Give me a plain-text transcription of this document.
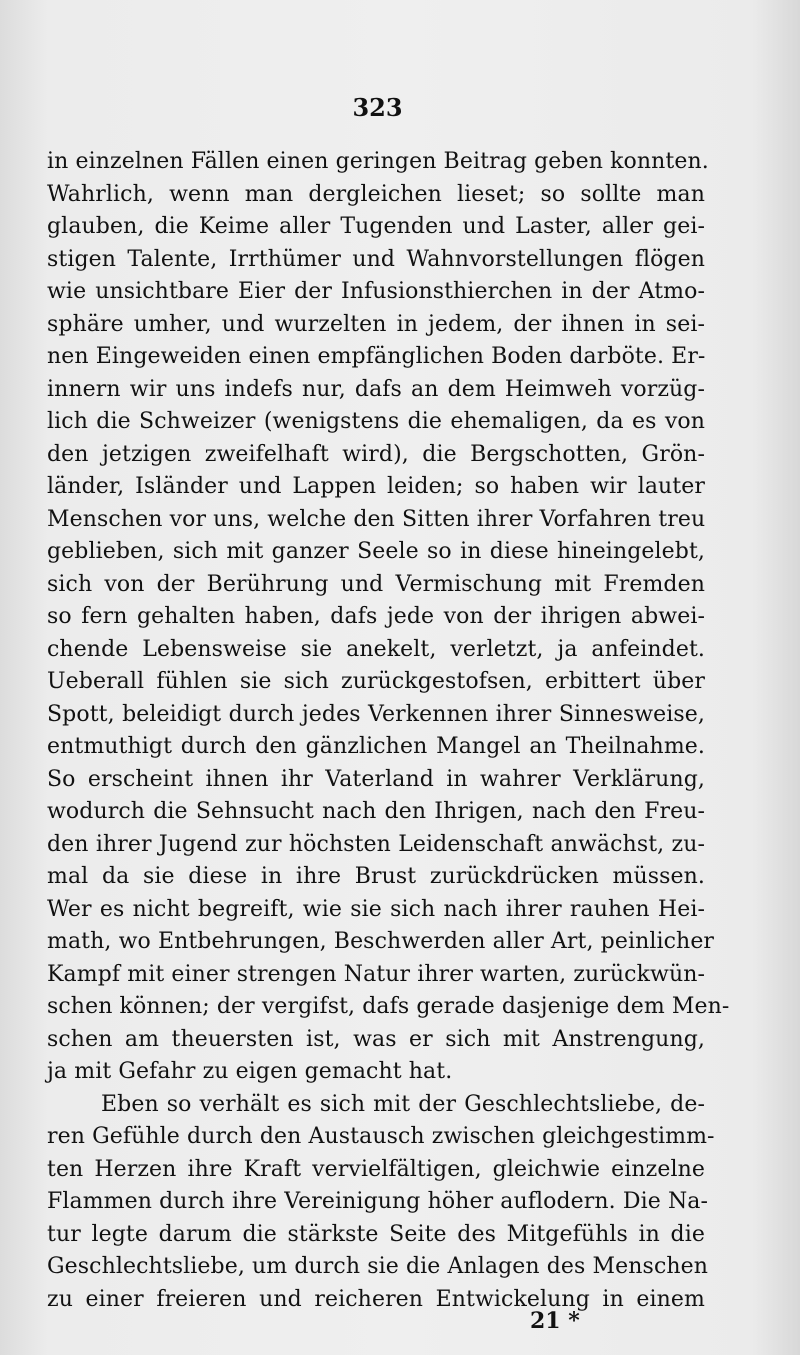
323
in einzelnen Fällen einen geringen Beitrag geben konnten.
Wahrlich, wenn man dergleichen lieset; so sollte man
glauben, die Keime aller Tugenden und Laster, aller gei-
stigen Talente, Irrthümer und Wahnvorstellungen flögen
wie unsichtbare Eier der Infusionsthierchen in der Atmo-
sphäre umher, und wurzelten in jedem, der ihnen in sei-
nen Eingeweiden einen empfänglichen Boden darböte. Er-
innern wir uns indefs nur, dafs an dem Heimweh vorzüg-
lich die Schweizer (wenigstens die ehemaligen, da es von
den jetzigen zweifelhaft wird), die Bergschotten, Grön-
länder, Isländer und Lappen leiden; so haben wir lauter
Menschen vor uns, welche den Sitten ihrer Vorfahren treu
geblieben, sich mit ganzer Seele so in diese hineingelebt,
sich von der Berührung und Vermischung mit Fremden
so fern gehalten haben, dafs jede von der ihrigen abwei-
chende Lebensweise sie anekelt, verletzt, ja anfeindet.
Ueberall fühlen sie sich zurückgestofsen, erbittert über
Spott, beleidigt durch jedes Verkennen ihrer Sinnesweise,
entmuthigt durch den gänzlichen Mangel an Theilnahme.
So erscheint ihnen ihr Vaterland in wahrer Verklärung,
wodurch die Sehnsucht nach den Ihrigen, nach den Freu-
den ihrer Jugend zur höchsten Leidenschaft anwächst, zu-
mal da sie diese in ihre Brust zurückdrücken müssen.
Wer es nicht begreift, wie sie sich nach ihrer rauhen Hei-
math, wo Entbehrungen, Beschwerden aller Art, peinlicher
Kampf mit einer strengen Natur ihrer warten, zurückwün-
schen können; der vergifst, dafs gerade dasjenige dem Men-
schen am theuersten ist, was er sich mit Anstrengung,
ja mit Gefahr zu eigen gemacht hat.
Eben so verhält es sich mit der Geschlechtsliebe, de-
ren Gefühle durch den Austausch zwischen gleichgestimm-
ten Herzen ihre Kraft vervielfältigen, gleichwie einzelne
Flammen durch ihre Vereinigung höher auflodern. Die Na-
tur legte darum die stärkste Seite des Mitgefühls in die
Geschlechtsliebe, um durch sie die Anlagen des Menschen
zu einer freieren und reicheren Entwickelung in einem
21 *
